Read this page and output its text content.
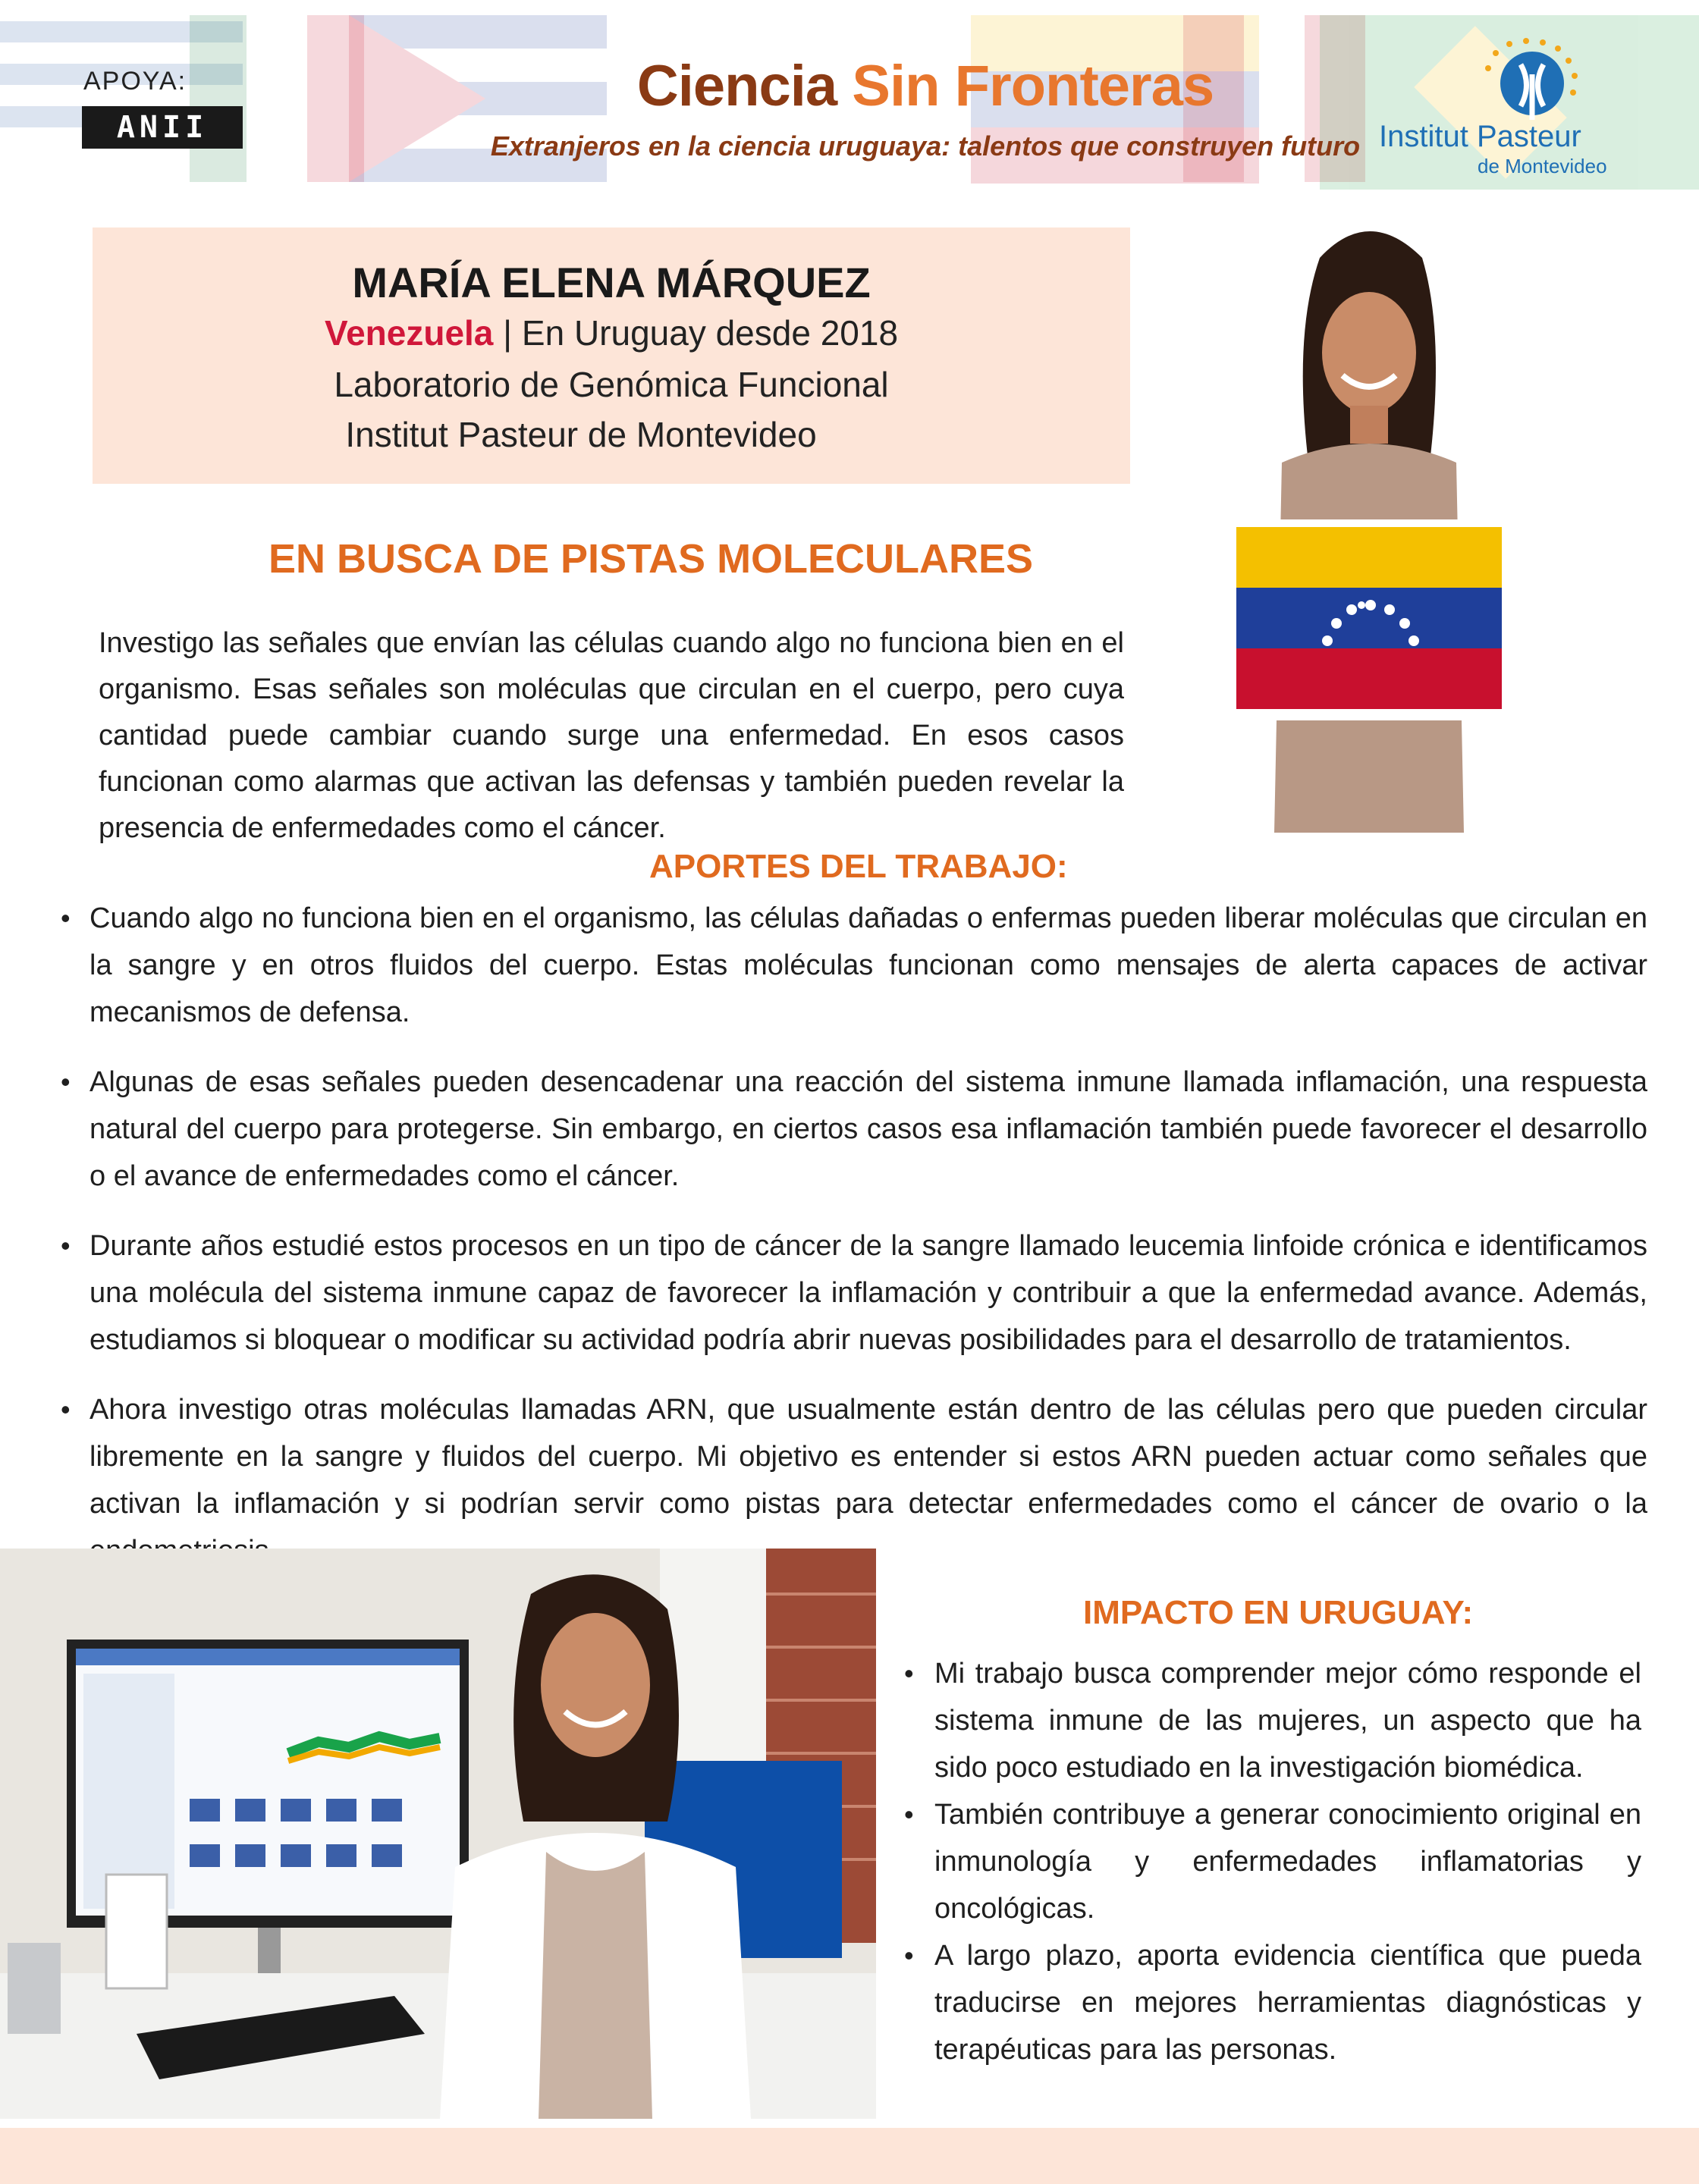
APOYA:
ANII
Ciencia Sin Fronteras
Extranjeros en la ciencia uruguaya: talentos que construyen futuro Institut Pasteur
de Montevideo
MARÍA ELENA MÁRQUEZ
Venezuela | En Uruguay desde 2018
Laboratorio de Genómica Funcional
Institut Pasteur de Montevideo
EN BUSCA DE PISTAS MOLECULARES

Investigo las señales que envían las células cuando algo no funciona bien en el organismo. Esas señales son moléculas que circulan en el cuerpo, pero cuya cantidad puede cambiar cuando surge una enfermedad. En esos casos funcionan como alarmas que activan las defensas y también pueden revelar la presencia de enfermedades como el cáncer.

APORTES DEL TRABAJO:
• Cuando algo no funciona bien en el organismo, las células dañadas o enfermas pueden liberar moléculas que circulan en la sangre y en otros fluidos del cuerpo. Estas moléculas funcionan como mensajes de alerta capaces de activar mecanismos de defensa.
• Algunas de esas señales pueden desencadenar una reacción del sistema inmune llamada inflamación, una respuesta natural del cuerpo para protegerse. Sin embargo, en ciertos casos esa inflamación también puede favorecer el desarrollo o el avance de enfermedades como el cáncer.
• Durante años estudié estos procesos en un tipo de cáncer de la sangre llamado leucemia linfoide crónica e identificamos una molécula del sistema inmune capaz de favorecer la inflamación y contribuir a que la enfermedad avance. Además, estudiamos si bloquear o modificar su actividad podría abrir nuevas posibilidades para el desarrollo de tratamientos.
• Ahora investigo otras moléculas llamadas ARN, que usualmente están dentro de las células pero que pueden circular libremente en la sangre y fluidos del cuerpo. Mi objetivo es entender si estos ARN pueden actuar como señales que activan la inflamación y si podrían servir como pistas para detectar enfermedades como el cáncer de ovario o la
IMPACTO EN URUGUAY:
• Mi trabajo busca comprender mejor cómo responde el sistema inmune de las mujeres, un aspecto que ha sido poco estudiado en la investigación biomédica.
• También contribuye a generar conocimiento original en inmunología y enfermedades inflamatorias y oncológicas.
• A largo plazo, aporta evidencia científica que pueda traducirse en mejores herramientas diagnósticas y terapéuticas para las personas.
